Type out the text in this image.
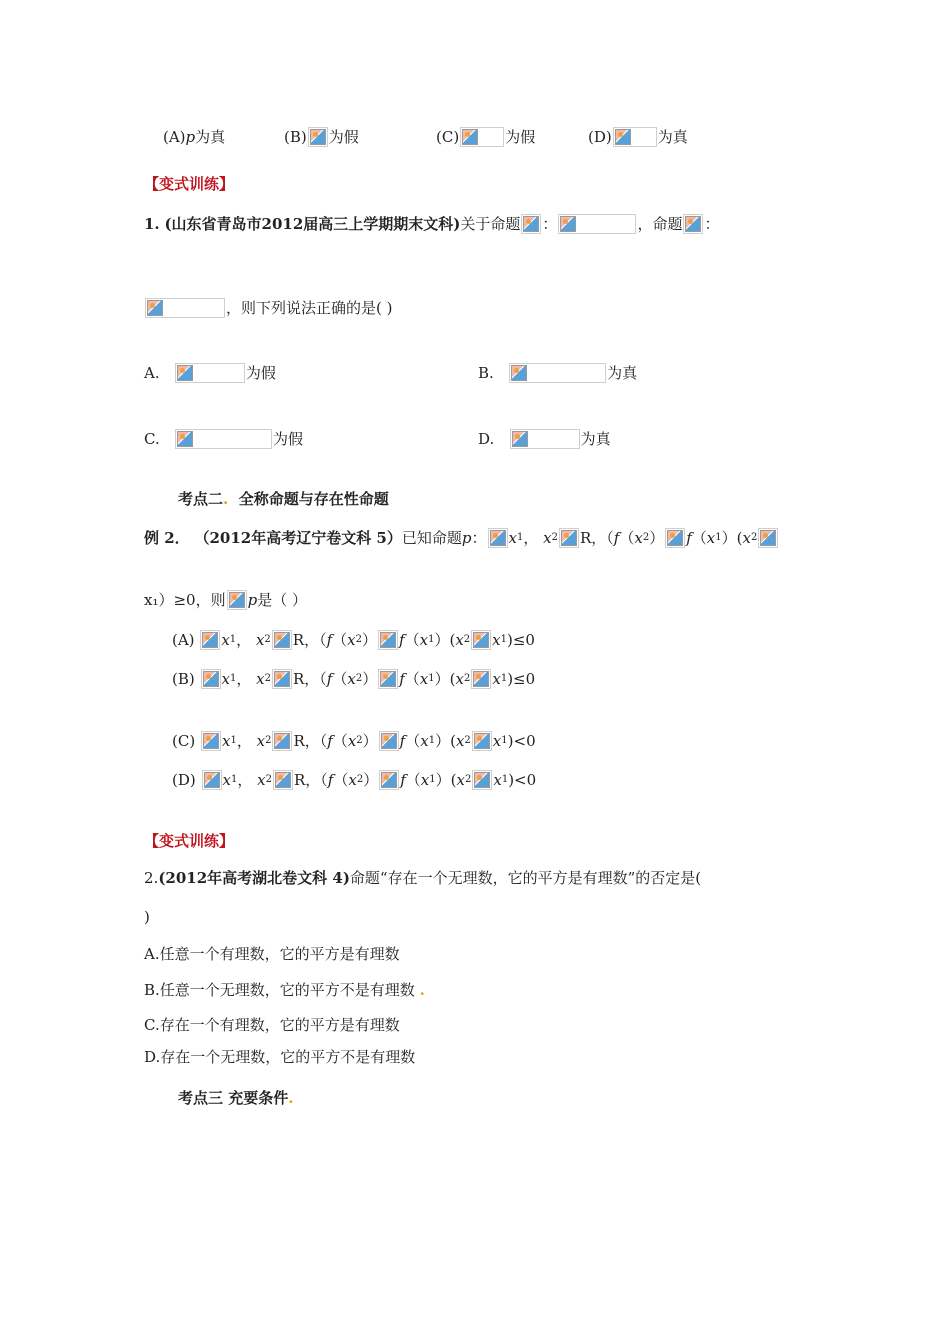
(A)p为真	(B) 为假	(C)	为假	(D)	为真
【变式训练】
1.
(山东省青岛市2012届高三上学期期末文科) 关于命题 ：	，命题 ：
，则下列说法正确的是( )
A.
	为假	B.
	为真
C.
	为假	D.
	为真
考点二 .
全称命题与存在性命题
例 2．
（2012年高考辽宁卷文科 5） 已知命题 p ： x 1 ， x 2 R，（ f （ x 2 ） f （ x 1 ）( x 2
x₁）≥0，则 p 是（ ）
(A)
x 1 ， x 2 R，（ f （ x 2 ） f （ x 1 ）( x 2 x 1 ) ≤0
(B)
x 1 ， x 2 R，（ f （ x 2 ） f （ x 1 ）( x 2 x 1 ) ≤0
(C)
x 1 ， x 2 R，（ f （ x 2 ） f （ x 1 ）( x 2 x 1 ) <0
(D)
x 1 ， x 2 R，（ f （ x 2 ） f （ x 1 ）( x 2 x 1 ) <0
【变式训练】
2. (2012年高考湖北卷文科 4) 命题“存在一个无理数，它的平方是有理数”的否定是(
)
A.任意一个有理数，它的平方是有理数
B.任意一个无理数，它的平方不是有理数
.
C.存在一个有理数，它的平方是有理数
D.存在一个无理数，它的平方不是有理数
考点三 充要条件 .
